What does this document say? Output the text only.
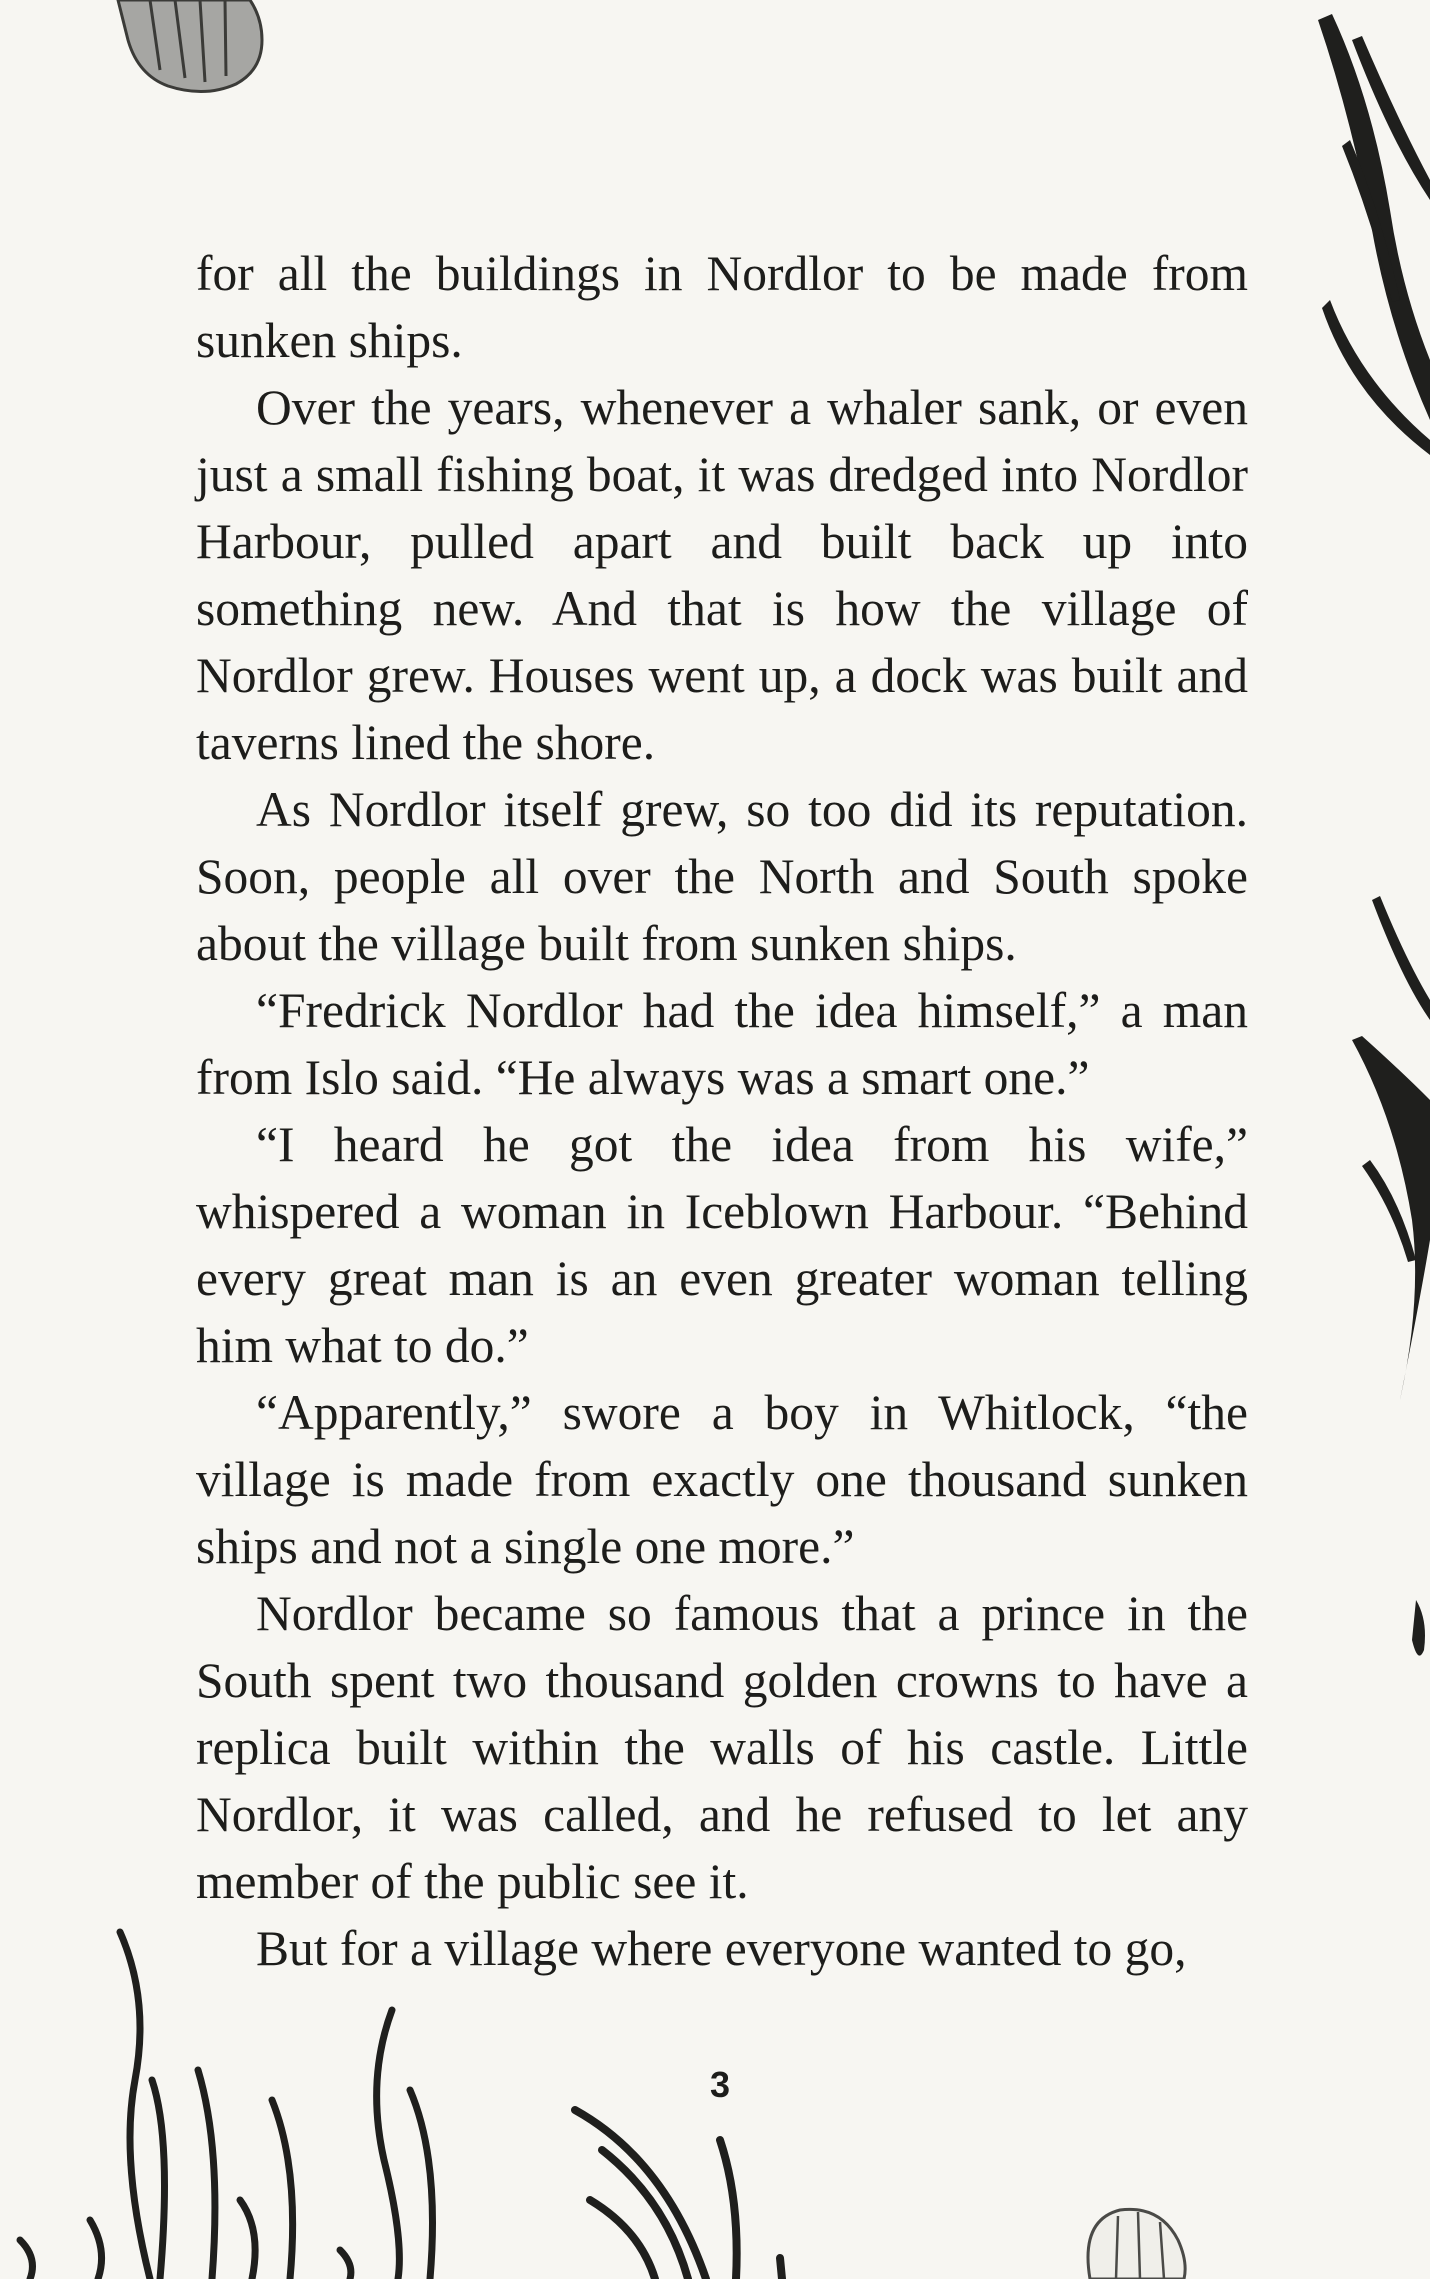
for all the buildings in Nordlor to be made from sunken ships.

Over the years, whenever a whaler sank, or even just a small fishing boat, it was dredged into Nordlor Harbour, pulled apart and built back up into something new. And that is how the village of Nordlor grew. Houses went up, a dock was built and taverns lined the shore.

As Nordlor itself grew, so too did its reputation. Soon, people all over the North and South spoke about the village built from sunken ships.

“Fredrick Nordlor had the idea himself,” a man from Islo said. “He always was a smart one.”

“I heard he got the idea from his wife,” whispered a woman in Iceblown Harbour. “Behind every great man is an even greater woman telling him what to do.”

“Apparently,” swore a boy in Whitlock, “the village is made from exactly one thousand sunken ships and not a single one more.”

Nordlor became so famous that a prince in the South spent two thousand golden crowns to have a replica built within the walls of his castle. Little Nordlor, it was called, and he refused to let any member of the public see it.

But for a village where everyone wanted to go,

3
